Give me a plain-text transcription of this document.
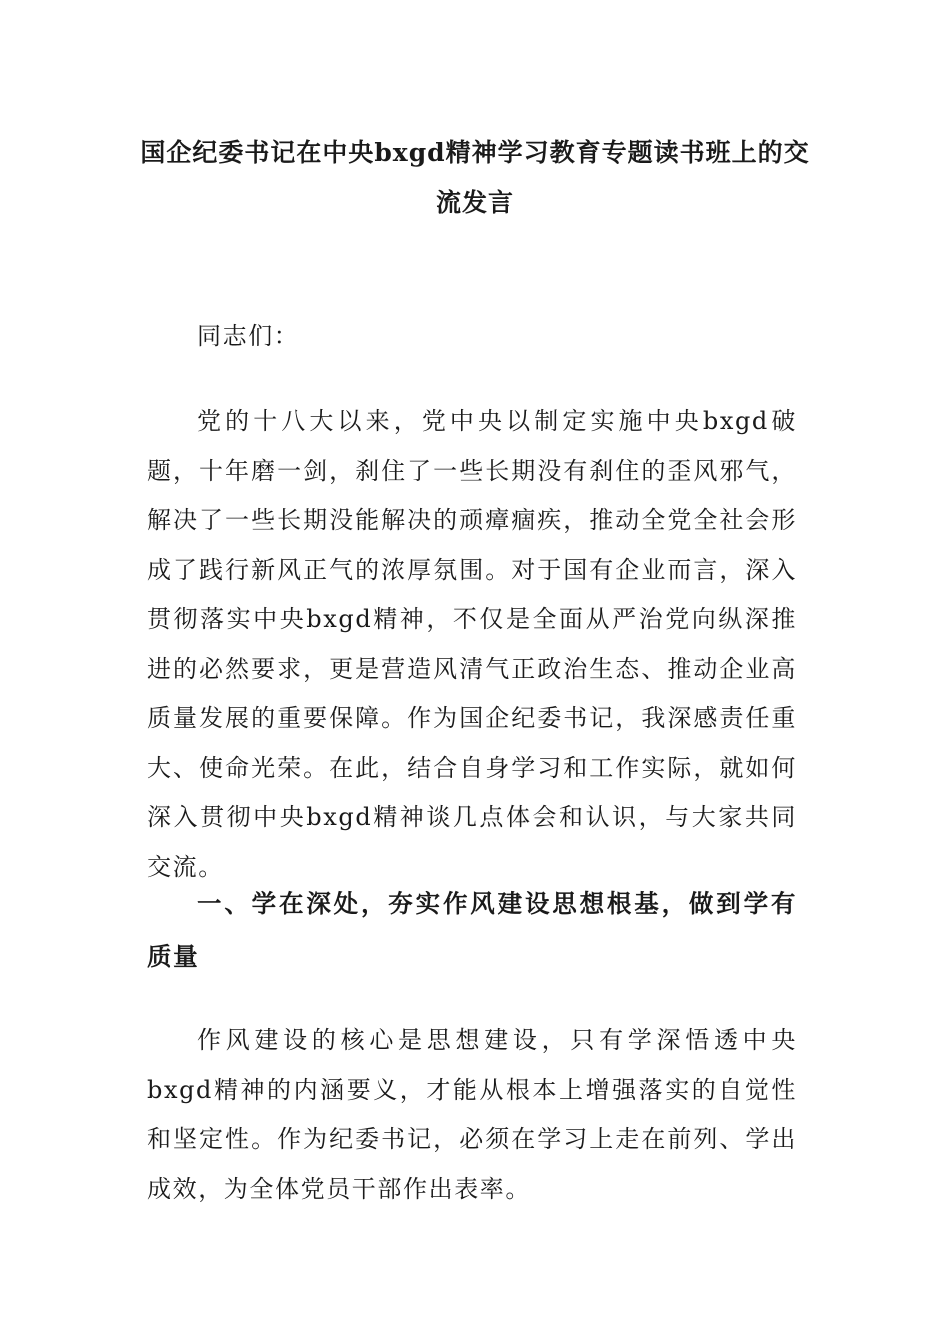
国企纪委书记在中央bxgd精神学习教育专题读书班上的交流发言
同志们：
党的十八大以来，党中央以制定实施中央bxgd破题，十年磨一剑，刹住了一些长期没有刹住的歪风邪气，解决了一些长期没能解决的顽瘴痼疾，推动全党全社会形成了践行新风正气的浓厚氛围。对于国有企业而言，深入贯彻落实中央bxgd精神，不仅是全面从严治党向纵深推进的必然要求，更是营造风清气正政治生态、推动企业高质量发展的重要保障。作为国企纪委书记，我深感责任重大、使命光荣。在此，结合自身学习和工作实际，就如何深入贯彻中央bxgd精神谈几点体会和认识，与大家共同交流。
一、学在深处，夯实作风建设思想根基，做到学有质量
作风建设的核心是思想建设，只有学深悟透中央bxgd精神的内涵要义，才能从根本上增强落实的自觉性和坚定性。作为纪委书记，必须在学习上走在前列、学出成效，为全体党员干部作出表率。
